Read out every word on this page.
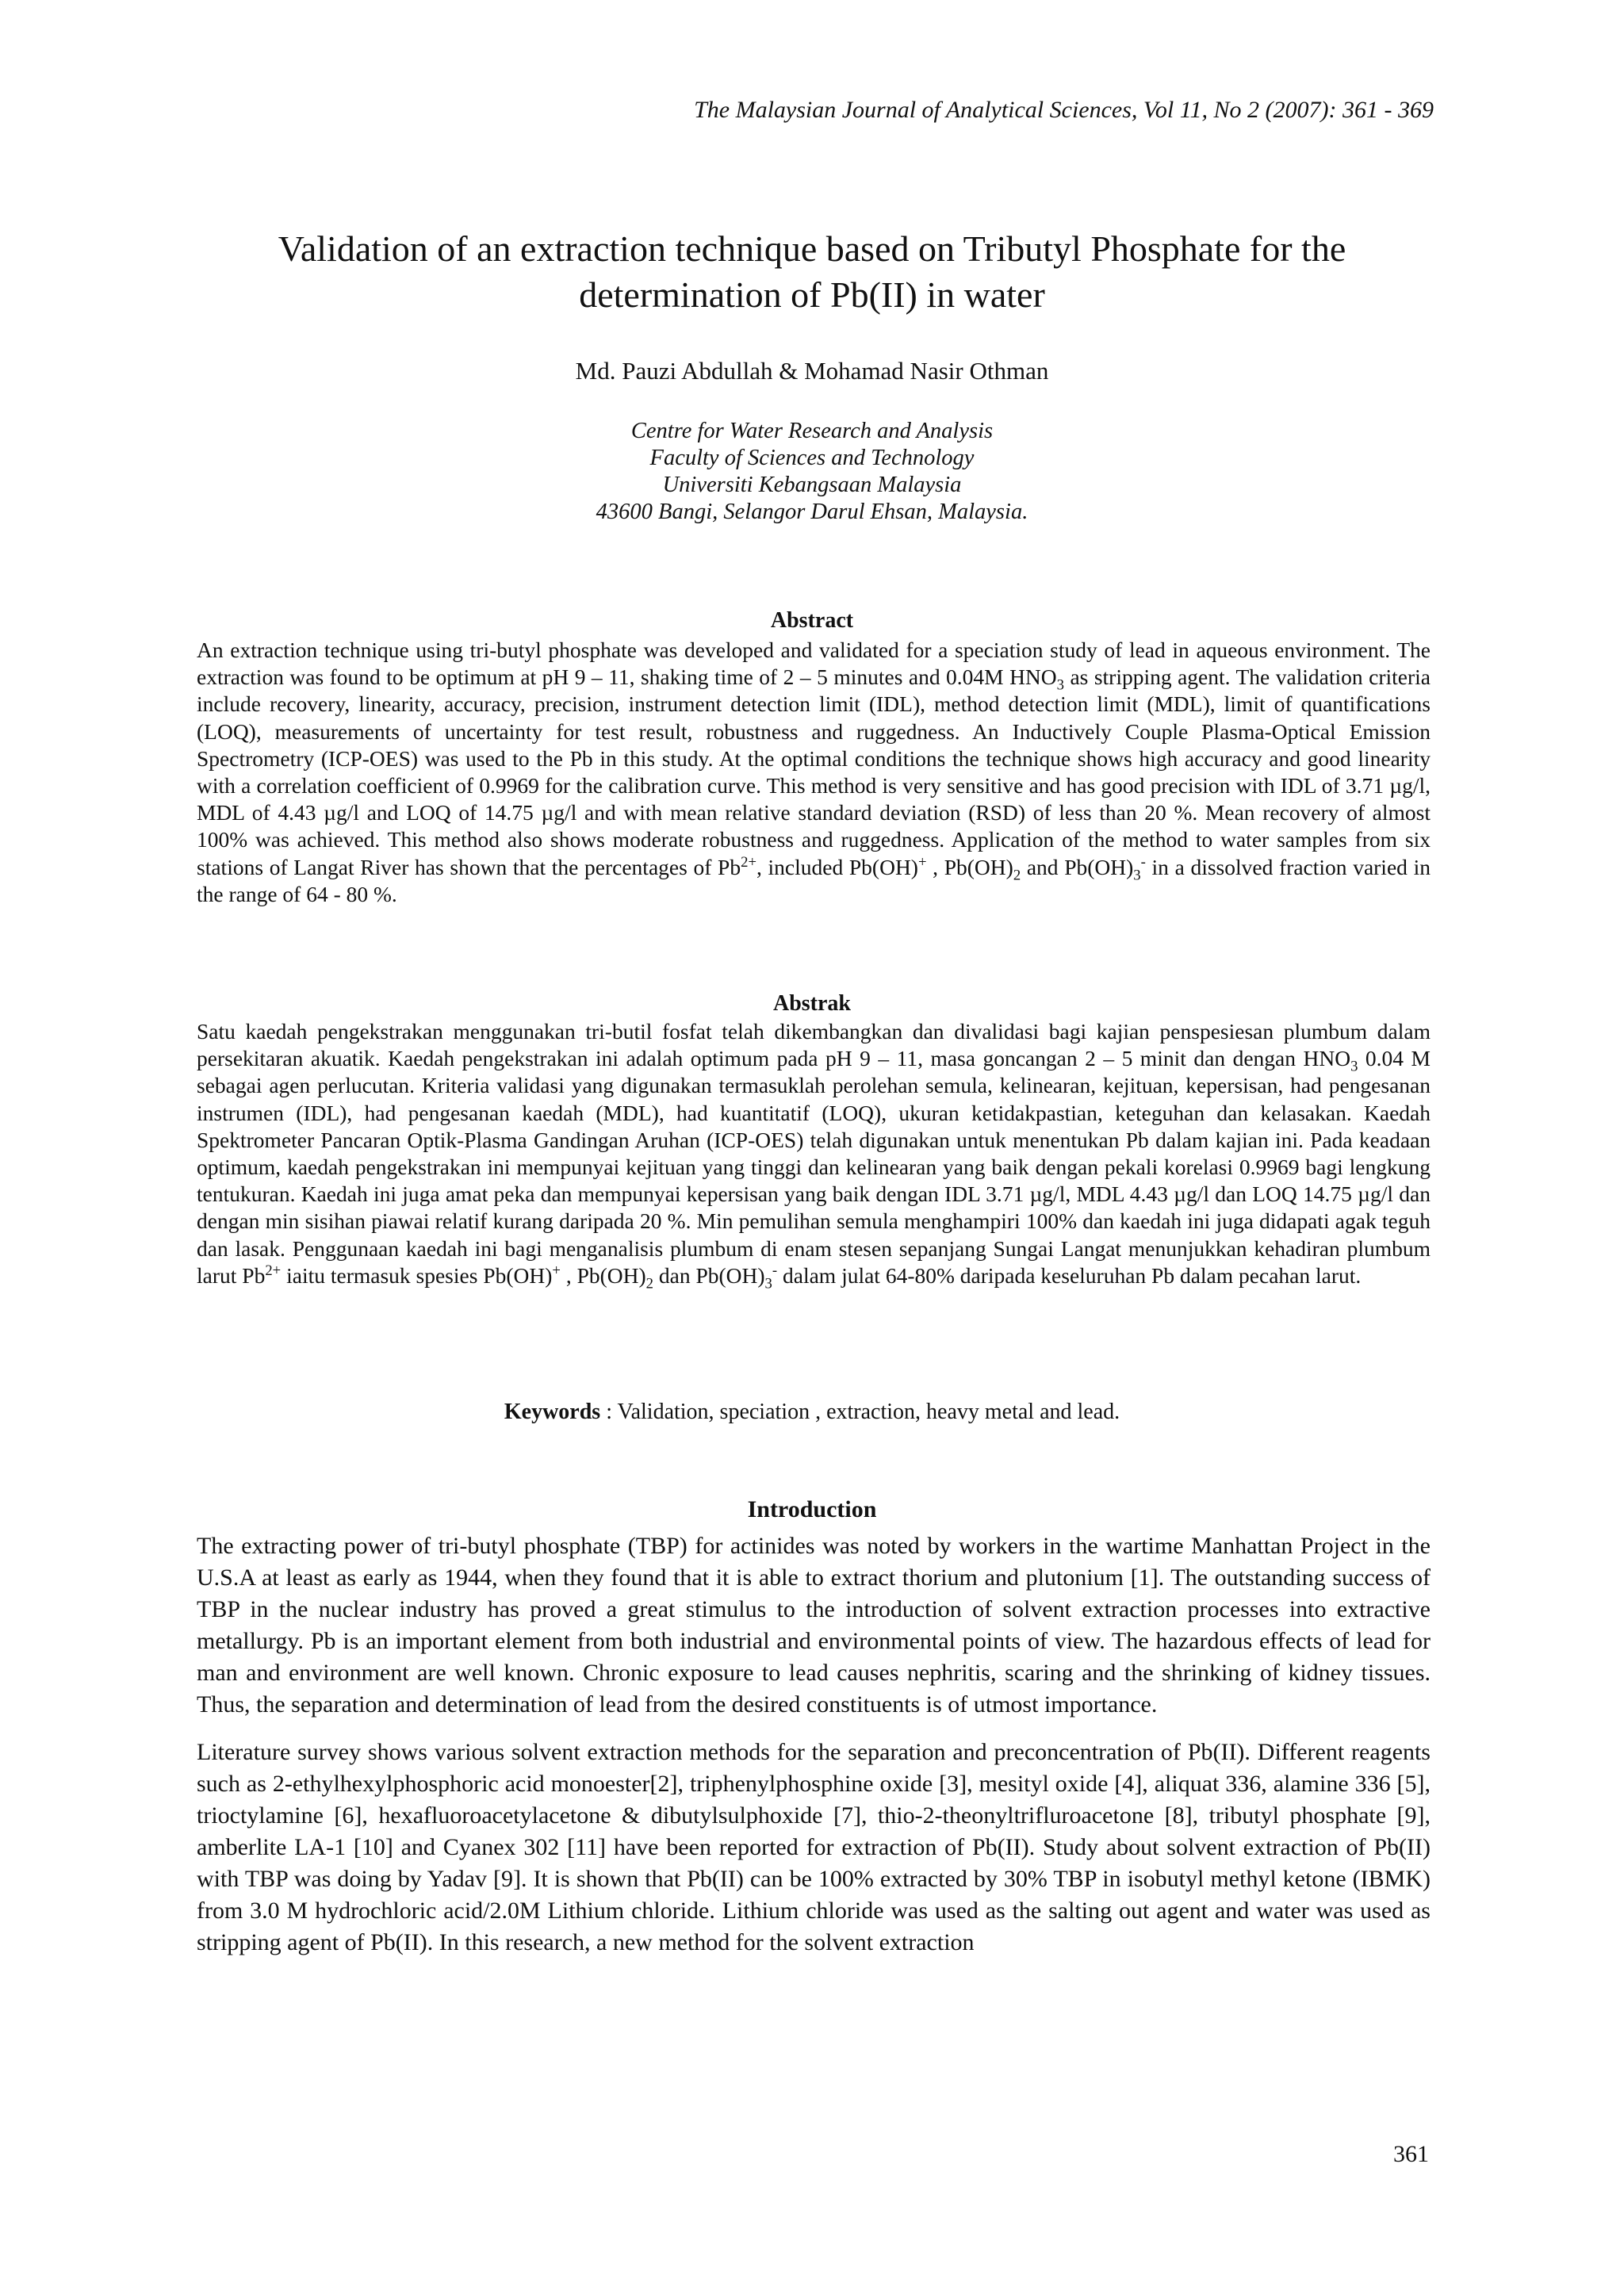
The Malaysian Journal of Analytical Sciences, Vol 11, No 2 (2007): 361 - 369
Validation of an extraction technique based on Tributyl Phosphate for the
determination of Pb(II) in water
Md. Pauzi Abdullah & Mohamad Nasir Othman
Centre for Water Research and Analysis
Faculty of Sciences and Technology
Universiti Kebangsaan Malaysia
43600 Bangi, Selangor Darul Ehsan, Malaysia.
Abstract
An extraction technique using tri-butyl phosphate was developed and validated for a speciation study of lead in aqueous environment. The extraction was found to be optimum at pH 9 – 11, shaking time of 2 – 5 minutes and 0.04M $HNO_3$ as stripping agent. The validation criteria include recovery, linearity, accuracy, precision, instrument detection limit (IDL), method detection limit (MDL), limit of quantifications (LOQ), measurements of uncertainty for test result, robustness and ruggedness. An Inductively Couple Plasma-Optical Emission Spectrometry (ICP-OES) was used to the Pb in this study. At the optimal conditions the technique shows high accuracy and good linearity with a correlation coefficient of 0.9969 for the calibration curve. This method is very sensitive and has good precision with IDL of 3.71 µg/l, MDL of 4.43 µg/l and LOQ of 14.75 µg/l and with mean relative standard deviation (RSD) of less than 20 %. Mean recovery of almost 100% was achieved. This method also shows moderate robustness and ruggedness. Application of the method to water samples from six stations of Langat River has shown that the percentages of $Pb^{2+}$, included Pb(OH)+ , $Pb(OH)_2$ and $Pb(OH)_3^-$ in a dissolved fraction varied in the range of 64 - 80 %.
Abstrak
Satu kaedah pengekstrakan menggunakan tri-butil fosfat telah dikembangkan dan divalidasi bagi kajian penspesiesan plumbum dalam persekitaran akuatik. Kaedah pengekstrakan ini adalah optimum pada pH 9 – 11, masa goncangan 2 – 5 minit dan dengan $HNO_3$ 0.04 M sebagai agen perlucutan. Kriteria validasi yang digunakan termasuklah perolehan semula, kelinearan, kejituan, kepersisan, had pengesanan instrumen (IDL), had pengesanan kaedah (MDL), had kuantitatif (LOQ), ukuran ketidakpastian, keteguhan dan kelasakan. Kaedah Spektrometer Pancaran Optik-Plasma Gandingan Aruhan (ICP-OES) telah digunakan untuk menentukan Pb dalam kajian ini. Pada keadaan optimum, kaedah pengekstrakan ini mempunyai kejituan yang tinggi dan kelinearan yang baik dengan pekali korelasi 0.9969 bagi lengkung tentukuran. Kaedah ini juga amat peka dan mempunyai kepersisan yang baik dengan IDL 3.71 µg/l, MDL 4.43 µg/l dan LOQ 14.75 µg/l dan dengan min sisihan piawai relatif kurang daripada 20 %. Min pemulihan semula menghampiri 100% dan kaedah ini juga didapati agak teguh dan lasak. Penggunaan kaedah ini bagi menganalisis plumbum di enam stesen sepanjang Sungai Langat menunjukkan kehadiran plumbum larut $Pb^{2+}$ iaitu termasuk spesies Pb(OH)+ , $Pb(OH)_2$ dan $Pb(OH)_3^-$ dalam julat 64-80% daripada keseluruhan Pb dalam pecahan larut.
Keywords : Validation, speciation , extraction, heavy metal and lead.
Introduction

The extracting power of tri-butyl phosphate (TBP) for actinides was noted by workers in the wartime Manhattan Project in the U.S.A at least as early as 1944, when they found that it is able to extract thorium and plutonium [1]. The outstanding success of TBP in the nuclear industry has proved a great stimulus to the introduction of solvent extraction processes into extractive metallurgy. Pb is an important element from both industrial and environmental points of view. The hazardous effects of lead for man and environment are well known. Chronic exposure to lead causes nephritis, scaring and the shrinking of kidney tissues. Thus, the separation and determination of lead from the desired constituents is of utmost importance.

Literature survey shows various solvent extraction methods for the separation and preconcentration of Pb(II). Different reagents such as 2-ethylhexylphosphoric acid monoester[2], triphenylphosphine oxide [3], mesityl oxide [4], aliquat 336, alamine 336 [5], trioctylamine [6], hexafluoroacetylacetone & dibutylsulphoxide [7], thio-2-theonyltrifluroacetone [8], tributyl phosphate [9], amberlite LA-1 [10] and Cyanex 302 [11] have been reported for extraction of Pb(II). Study about solvent extraction of Pb(II) with TBP was doing by Yadav [9]. It is shown that Pb(II) can be 100% extracted by 30% TBP in isobutyl methyl ketone (IBMK) from 3.0 M hydrochloric acid/2.0M Lithium chloride. Lithium chloride was used as the salting out agent and water was used as stripping agent of Pb(II). In this research, a new method for the solvent extraction

361
